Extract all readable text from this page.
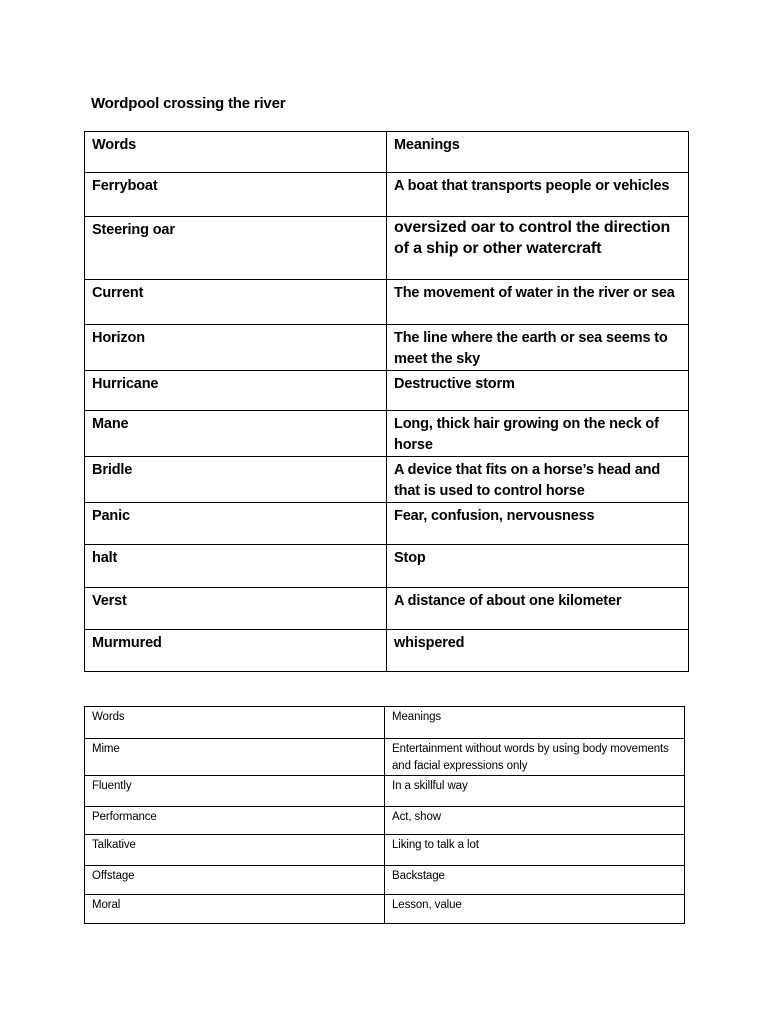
Wordpool crossing the river
Words	Meanings
Ferryboat	A boat that transports people or vehicles
Steering oar	oversized oar to control the direction of a ship or other watercraft
Current	The movement of water in the river or sea
Horizon	The line where the earth or sea seems to meet the sky
Hurricane	Destructive storm
Mane	Long, thick hair growing on the neck of horse
Bridle	A device that fits on a horse’s head and that is used to control horse
Panic	Fear, confusion, nervousness
halt	Stop
Verst	A distance of about one kilometer
Murmured	whispered
Words	Meanings
Mime	Entertainment without words by using body movements and facial expressions only
Fluently	In a skillful way
Performance	Act, show
Talkative	Liking to talk a lot
Offstage	Backstage
Moral	Lesson, value
